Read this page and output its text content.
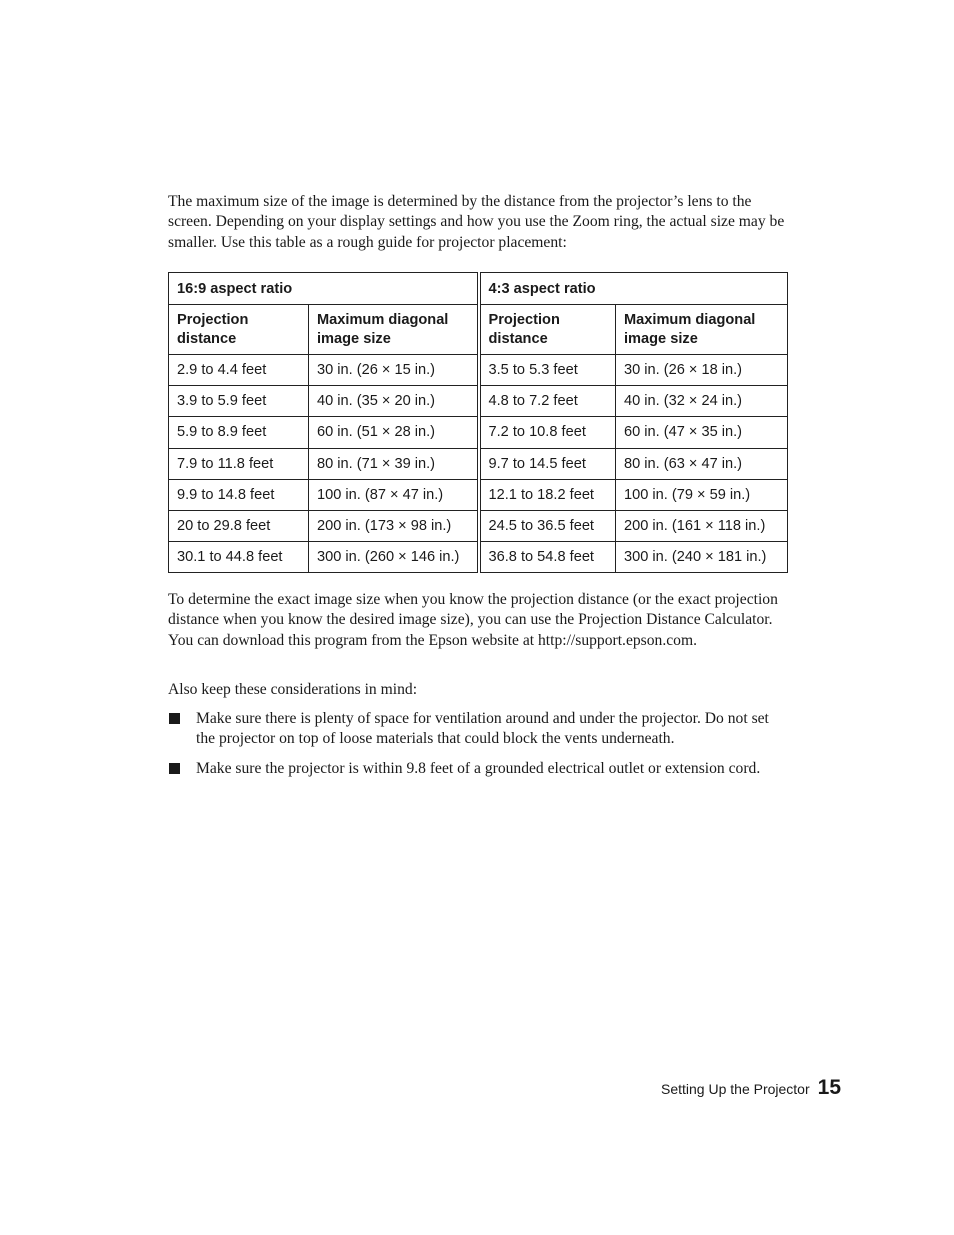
The maximum size of the image is determined by the distance from the projector’s lens to the screen. Depending on your display settings and how you use the Zoom ring, the actual size may be smaller. Use this table as a rough guide for projector placement:

16:9 aspect ratio		4:3 aspect ratio	
Projection distance	Maximum diagonal image size	Projection distance	Maximum diagonal image size
2.9 to 4.4 feet	30 in. (26 × 15 in.)	3.5 to 5.3 feet	30 in. (26 × 18 in.)
3.9 to 5.9 feet	40 in. (35 × 20 in.)	4.8 to 7.2 feet	40 in. (32 × 24 in.)
5.9 to 8.9 feet	60 in. (51 × 28 in.)	7.2 to 10.8 feet	60 in. (47 × 35 in.)
7.9 to 11.8 feet	80 in. (71 × 39 in.)	9.7 to 14.5 feet	80 in. (63 × 47 in.)
9.9 to 14.8 feet	100 in. (87 × 47 in.)	12.1 to 18.2 feet	100 in. (79 × 59 in.)
20 to 29.8 feet	200 in. (173 × 98 in.)	24.5 to 36.5 feet	200 in. (161 × 118 in.)
30.1 to 44.8 feet	300 in. (260 × 146 in.)	36.8 to 54.8 feet	300 in. (240 × 181 in.)

To determine the exact image size when you know the projection distance (or the exact projection distance when you know the desired image size), you can use the Projection Distance Calculator. You can download this program from the Epson website at http://support.epson.com.

Also keep these considerations in mind:

Make sure there is plenty of space for ventilation around and under the projector. Do not set the projector on top of loose materials that could block the vents underneath.
Make sure the projector is within 9.8 feet of a grounded electrical outlet or extension cord.
Setting Up the Projector 15
